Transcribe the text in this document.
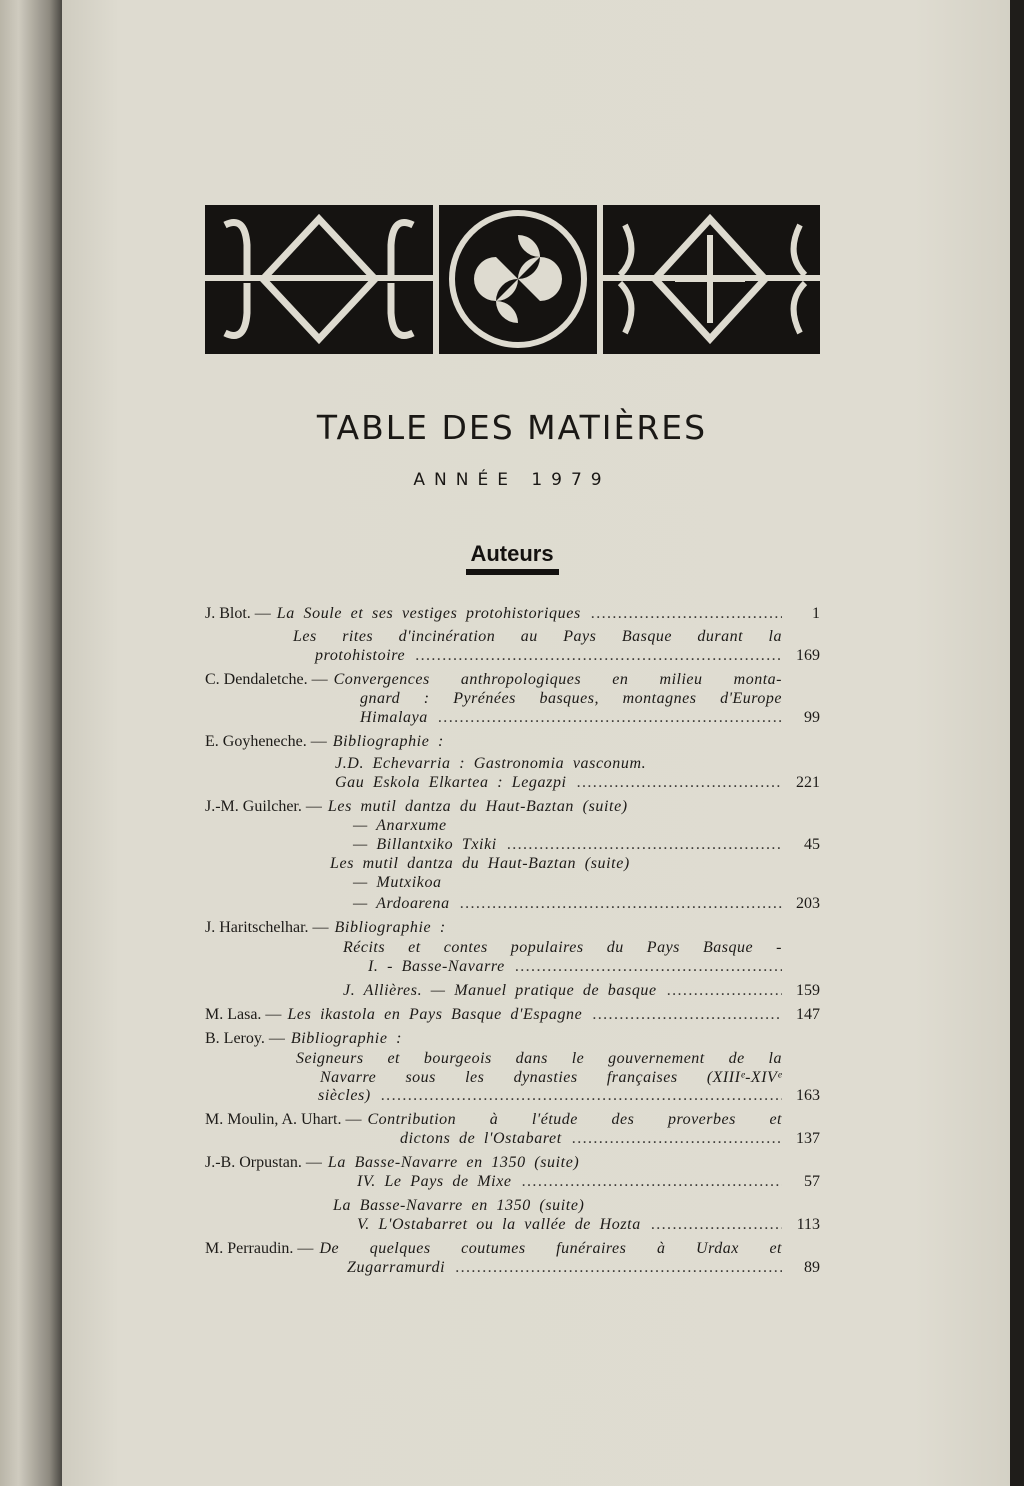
TABLE DES MATIÈRES
ANNÉE 1979
Auteurs
J. Blot. — La Soule et ses vestiges protohistoriques . . .	1
Les rites d'incinération au Pays Basque durant la
protohistoire . . .	169
C. Dendaletche. — Convergences anthropologiques en milieu monta-
gnard : Pyrénées basques, montagnes d'Europe
Himalaya . . .	99
E. Goyheneche. — Bibliographie :
J.D. Echevarria : Gastronomia vasconum.
Gau Eskola Elkartea : Legazpi . . .	221
J.-M. Guilcher. — Les mutil dantza du Haut-Baztan (suite)
— Anarxume
— Billantxiko Txiki . . .	45
Les mutil dantza du Haut-Baztan (suite)
— Mutxikoa
— Ardoarena . . .	203
J. Haritschelhar. — Bibliographie :
Récits et contes populaires du Pays Basque -
I. - Basse-Navarre
. . .
J. Allières. — Manuel pratique de basque . . .	159
M. Lasa. — Les ikastola en Pays Basque d'Espagne . . .	147
B. Leroy. — Bibliographie :
Seigneurs et bourgeois dans le gouvernement de la
Navarre sous les dynasties françaises (XIIIᵉ-XIVᵉ
siècles) . . .	163
M. Moulin, A. Uhart. — Contribution à l'étude des proverbes et
dictons de l'Ostabaret . . .	137
J.-B. Orpustan. — La Basse-Navarre en 1350 (suite)
IV. Le Pays de Mixe . . .	57
La Basse-Navarre en 1350 (suite)
V. L'Ostabarret ou la vallée de Hozta . . .	113
M. Perraudin. — De quelques coutumes funéraires à Urdax et
Zugarramurdi . . .	89
